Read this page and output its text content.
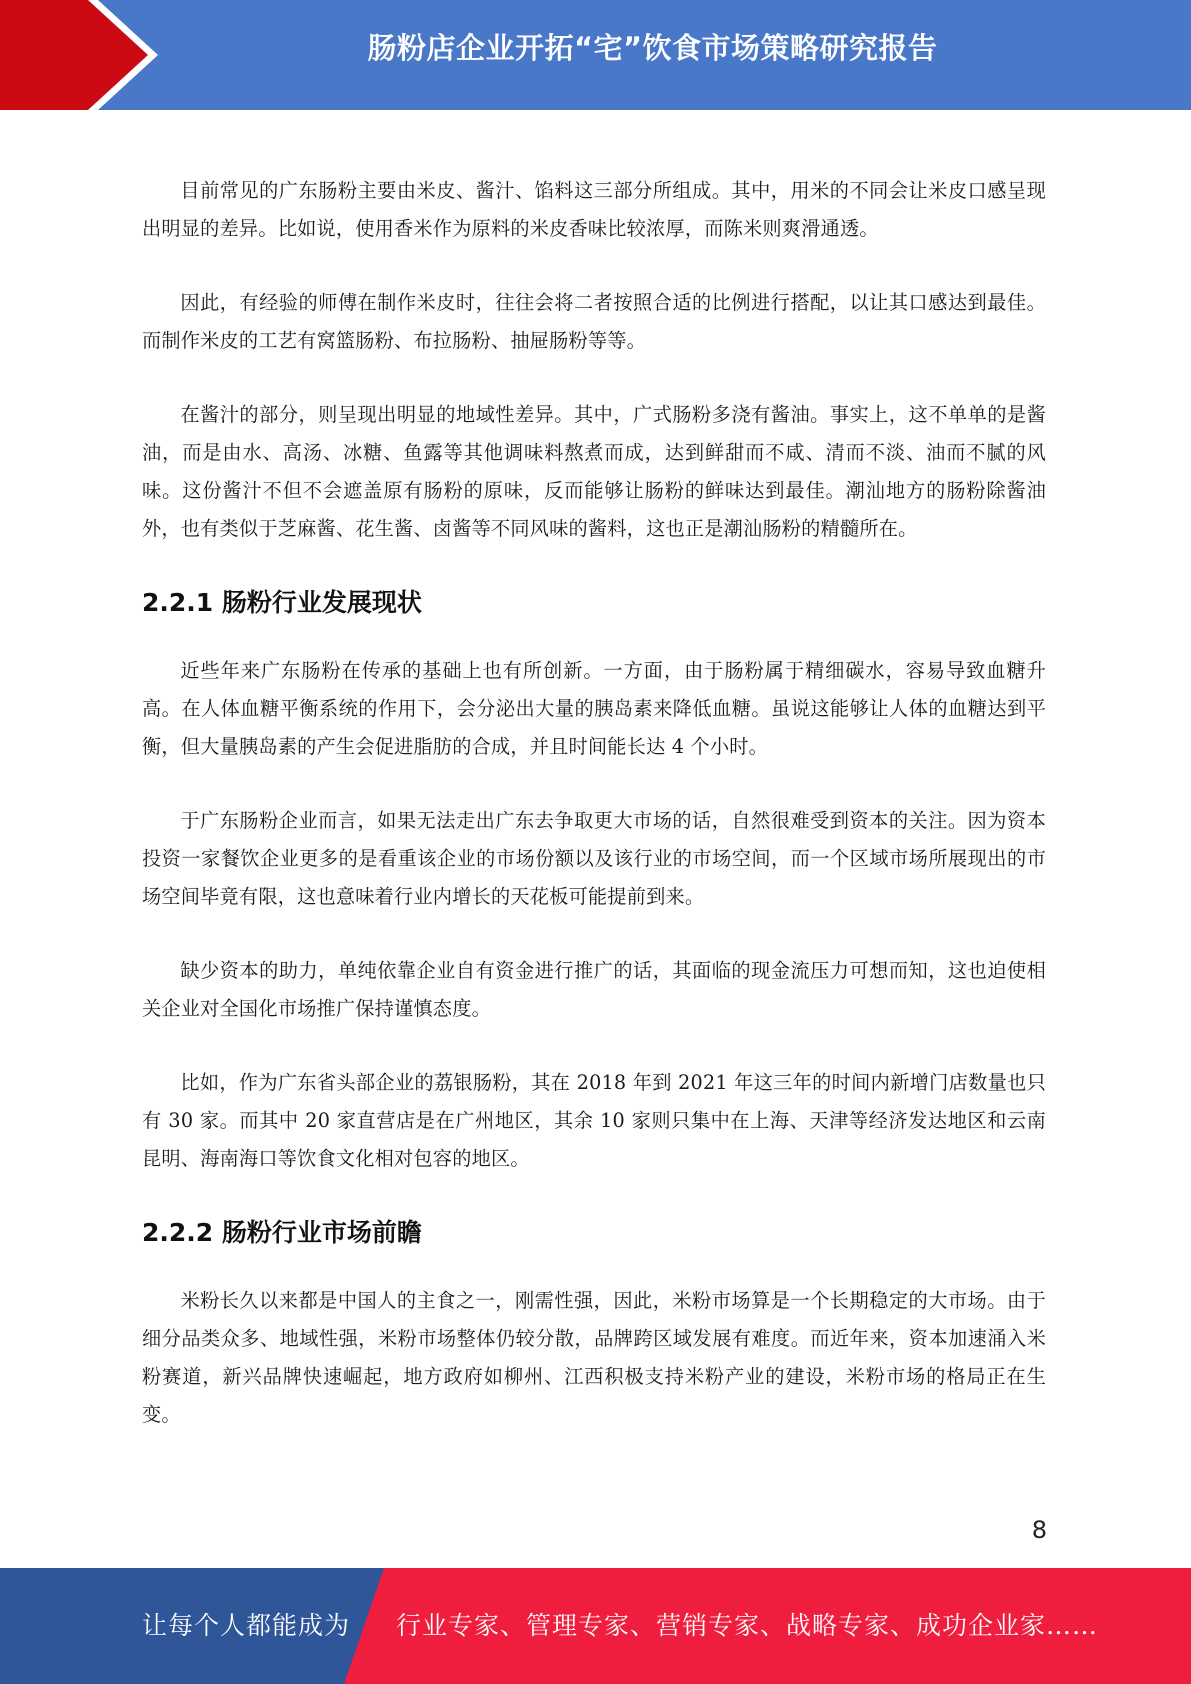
肠粉店企业开拓“宅”饮食市场策略研究报告

目前常见的广东肠粉主要由米皮、酱汁、馅料这三部分所组成。其中，用米的不同会让米皮口感呈现出明显的差异。比如说，使用香米作为原料的米皮香味比较浓厚，而陈米则爽滑通透。

因此，有经验的师傅在制作米皮时，往往会将二者按照合适的比例进行搭配，以让其口感达到最佳。而制作米皮的工艺有窝篮肠粉、布拉肠粉、抽屉肠粉等等。

在酱汁的部分，则呈现出明显的地域性差异。其中，广式肠粉多浇有酱油。事实上，这不单单的是酱油，而是由水、高汤、冰糖、鱼露等其他调味料熬煮而成，达到鲜甜而不咸、清而不淡、油而不腻的风味。这份酱汁不但不会遮盖原有肠粉的原味，反而能够让肠粉的鲜味达到最佳。潮汕地方的肠粉除酱油外，也有类似于芝麻酱、花生酱、卤酱等不同风味的酱料，这也正是潮汕肠粉的精髓所在。

2.2.1 肠粉行业发展现状

近些年来广东肠粉在传承的基础上也有所创新。一方面，由于肠粉属于精细碳水，容易导致血糖升高。在人体血糖平衡系统的作用下，会分泌出大量的胰岛素来降低血糖。虽说这能够让人体的血糖达到平衡，但大量胰岛素的产生会促进脂肪的合成，并且时间能长达 4 个小时。

于广东肠粉企业而言，如果无法走出广东去争取更大市场的话，自然很难受到资本的关注。因为资本投资一家餐饮企业更多的是看重该企业的市场份额以及该行业的市场空间，而一个区域市场所展现出的市场空间毕竟有限，这也意味着行业内增长的天花板可能提前到来。

缺少资本的助力，单纯依靠企业自有资金进行推广的话，其面临的现金流压力可想而知，这也迫使相关企业对全国化市场推广保持谨慎态度。

比如，作为广东省头部企业的荔银肠粉，其在 2018 年到 2021 年这三年的时间内新增门店数量也只有 30 家。而其中 20 家直营店是在广州地区，其余 10 家则只集中在上海、天津等经济发达地区和云南昆明、海南海口等饮食文化相对包容的地区。

2.2.2 肠粉行业市场前瞻

米粉长久以来都是中国人的主食之一，刚需性强，因此，米粉市场算是一个长期稳定的大市场。由于细分品类众多、地域性强，米粉市场整体仍较分散，品牌跨区域发展有难度。而近年来，资本加速涌入米粉赛道，新兴品牌快速崛起，地方政府如柳州、江西积极支持米粉产业的建设，米粉市场的格局正在生变。

8
让每个人都能成为 行业专家、管理专家、营销专家、战略专家、成功企业家……
